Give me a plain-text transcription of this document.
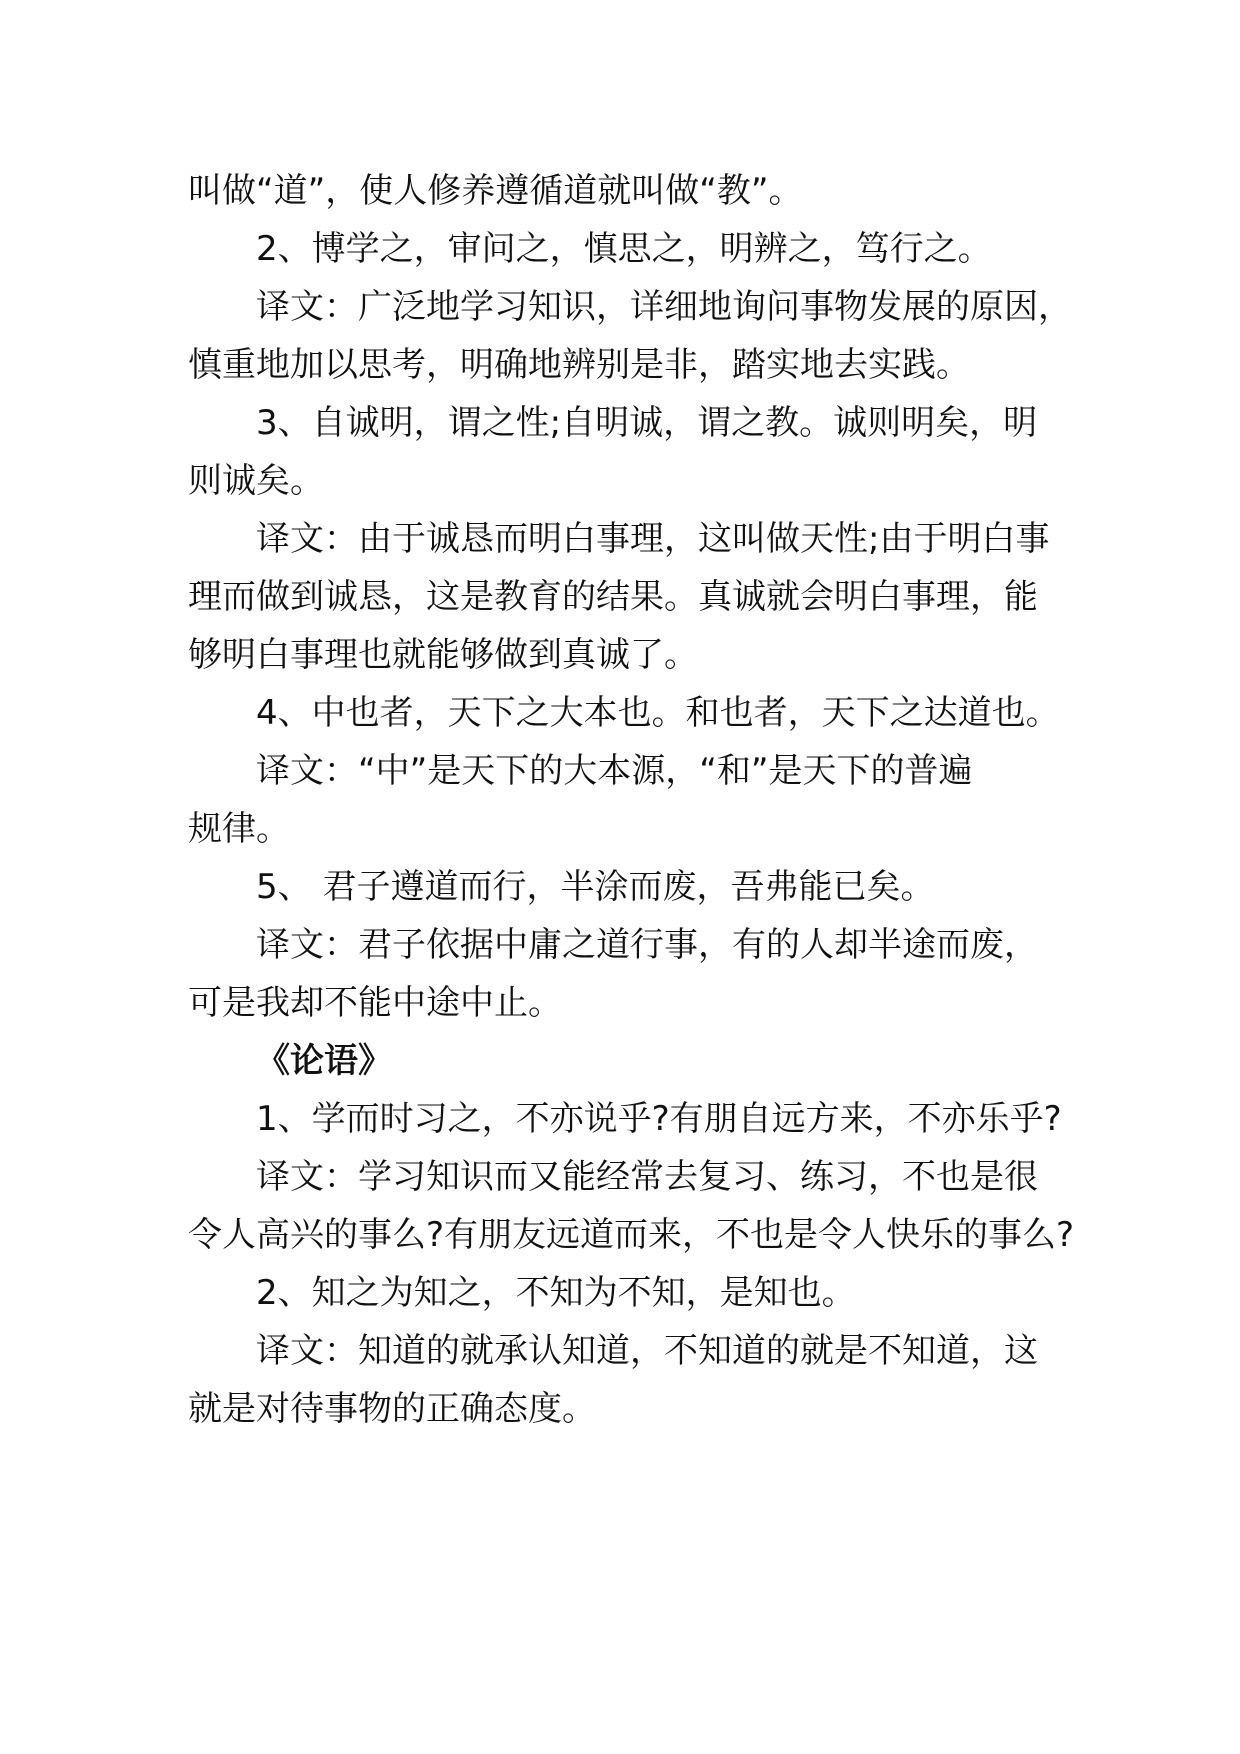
叫做“道”，使人修养遵循道就叫做“教”。
2、博学之，审问之，慎思之，明辨之，笃行之。
译文：广泛地学习知识，详细地询问事物发展的原因，
慎重地加以思考，明确地辨别是非，踏实地去实践。
3、自诚明，谓之性;自明诚，谓之教。诚则明矣，明
则诚矣。
译文：由于诚恳而明白事理，这叫做天性;由于明白事
理而做到诚恳，这是教育的结果。真诚就会明白事理，能
够明白事理也就能够做到真诚了。
4、中也者，天下之大本也。和也者，天下之达道也。
译文：“中”是天下的大本源，“和”是天下的普遍
规律。
5、 君子遵道而行，半涂而废，吾弗能已矣。
译文：君子依据中庸之道行事，有的人却半途而废，
可是我却不能中途中止。
《论语》
1、学而时习之，不亦说乎?有朋自远方来，不亦乐乎?
译文：学习知识而又能经常去复习、练习，不也是很
令人高兴的事么?有朋友远道而来，不也是令人快乐的事么?
2、知之为知之，不知为不知，是知也。
译文：知道的就承认知道，不知道的就是不知道，这
就是对待事物的正确态度。
